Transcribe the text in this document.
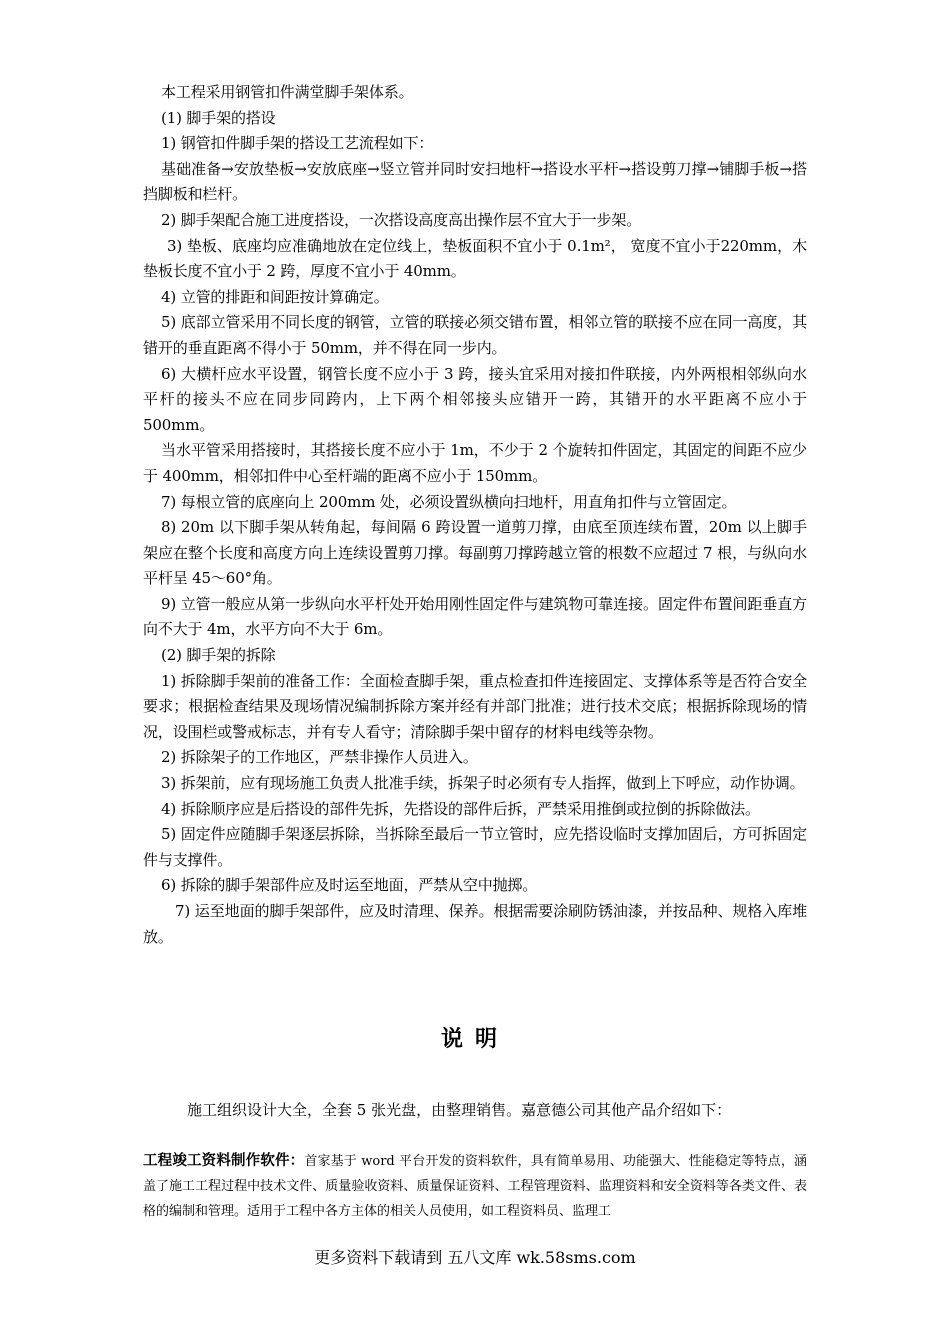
本工程采用钢管扣件满堂脚手架体系。

(1) 脚手架的搭设

1) 钢管扣件脚手架的搭设工艺流程如下：

基础准备→安放垫板→安放底座→竖立管并同时安扫地杆→搭设水平杆→搭设剪刀撑→铺脚手板→搭挡脚板和栏杆。

2) 脚手架配合施工进度搭设，一次搭设高度高出操作层不宜大于一步架。

3) 垫板、底座均应准确地放在定位线上，垫板面积不宜小于 0.1m²， 宽度不宜小于220mm，木垫板长度不宜小于 2 跨，厚度不宜小于 40mm。

4) 立管的排距和间距按计算确定。

5) 底部立管采用不同长度的钢管，立管的联接必须交错布置，相邻立管的联接不应在同一高度，其错开的垂直距离不得小于 50mm，并不得在同一步内。

6) 大横杆应水平设置，钢管长度不应小于 3 跨，接头宜采用对接扣件联接，内外两根相邻纵向水平杆的接头不应在同步同跨内，上下两个相邻接头应错开一跨，其错开的水平距离不应小于 500mm。

当水平管采用搭接时，其搭接长度不应小于 1m，不少于 2 个旋转扣件固定，其固定的间距不应少于 400mm，相邻扣件中心至杆端的距离不应小于 150mm。

7) 每根立管的底座向上 200mm 处，必须设置纵横向扫地杆，用直角扣件与立管固定。

8) 20m 以下脚手架从转角起，每间隔 6 跨设置一道剪刀撑，由底至顶连续布置，20m 以上脚手架应在整个长度和高度方向上连续设置剪刀撑。每副剪刀撑跨越立管的根数不应超过 7 根，与纵向水平杆呈 45～60°角。

9) 立管一般应从第一步纵向水平杆处开始用刚性固定件与建筑物可靠连接。固定件布置间距垂直方向不大于 4m，水平方向不大于 6m。

(2) 脚手架的拆除

1) 拆除脚手架前的准备工作：全面检查脚手架，重点检查扣件连接固定、支撑体系等是否符合安全要求；根据检查结果及现场情况编制拆除方案并经有并部门批准；进行技术交底；根据拆除现场的情况，设围栏或警戒标志，并有专人看守；清除脚手架中留存的材料电线等杂物。

2) 拆除架子的工作地区，严禁非操作人员进入。

3) 拆架前，应有现场施工负责人批准手续，拆架子时必须有专人指挥，做到上下呼应，动作协调。

4) 拆除顺序应是后搭设的部件先拆，先搭设的部件后拆，严禁采用推倒或拉倒的拆除做法。

5) 固定件应随脚手架逐层拆除，当拆除至最后一节立管时，应先搭设临时支撑加固后，方可拆固定件与支撑件。

6) 拆除的脚手架部件应及时运至地面，严禁从空中抛掷。

7) 运至地面的脚手架部件，应及时清理、保养。根据需要涂刷防锈油漆，并按品种、规格入库堆放。

说明

施工组织设计大全，全套 5 张光盘，由整理销售。嘉意德公司其他产品介绍如下：

工程竣工资料制作软件：首家基于 word 平台开发的资料软件，具有简单易用、功能强大、性能稳定等特点，涵盖了施工工程过程中技术文件、质量验收资料、质量保证资料、工程管理资料、监理资料和安全资料等各类文件、表格的编制和管理。适用于工程中各方主体的相关人员使用，如工程资料员、监理工

更多资料下载请到 五八文库 wk.58sms.com
